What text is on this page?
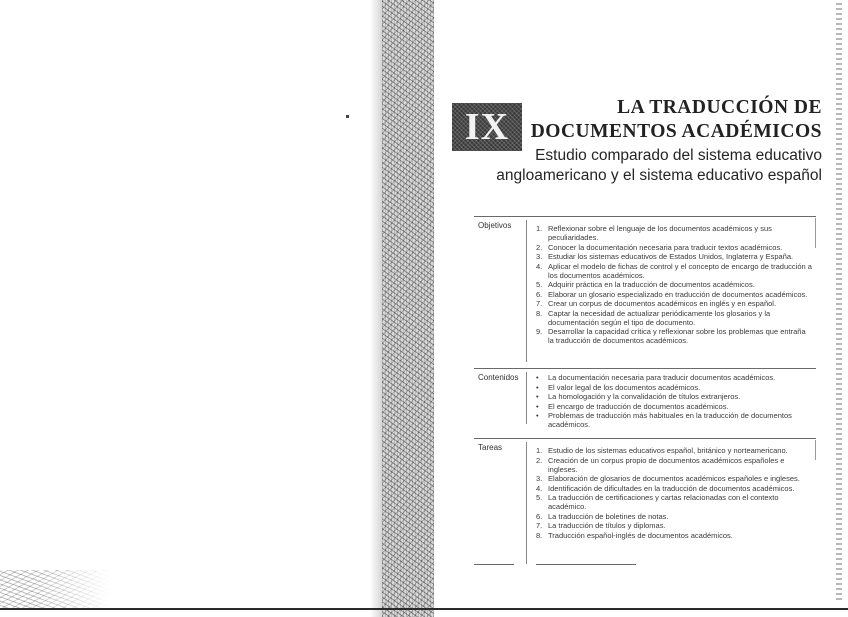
IX	LA TRADUCCIÓN DE
DOCUMENTOS ACADÉMICOS
Estudio comparado del sistema educativo
angloamericano y el sistema educativo español
Objetivos	1. Reflexionar sobre el lenguaje de los documentos académicos y sus peculiaridades.
2. Conocer la documentación necesaria para traducir textos académicos.
3. Estudiar los sistemas educativos de Estados Unidos, Inglaterra y España.
4. Aplicar el modelo de fichas de control y el concepto de encargo de traducción a los documentos académicos.
5. Adquirir práctica en la traducción de documentos académicos.
6. Elaborar un glosario especializado en traducción de documentos académicos.
7. Crear un corpus de documentos académicos en inglés y en español.
8. Captar la necesidad de actualizar periódicamente los glosarios y la documentación según el tipo de documento.
9. Desarrollar la capacidad crítica y reflexionar sobre los problemas que entraña la traducción de documentos académicos.
Contenidos • La documentación necesaria para traducir documentos académicos.
• El valor legal de los documentos académicos.
• La homologación y la convalidación de títulos extranjeros.
• El encargo de traducción de documentos académicos.
• Problemas de traducción más habituales en la traducción de documentos académicos.
Tareas	1. Estudio de los sistemas educativos español, británico y norteamericano.
2. Creación de un corpus propio de documentos académicos españoles e ingleses.
3. Elaboración de glosarios de documentos académicos españoles e ingleses.
4. Identificación de dificultades en la traducción de documentos académicos.
5. La traducción de certificaciones y cartas relacionadas con el contexto académico.
6. La traducción de boletines de notas.
7. La traducción de títulos y diplomas.
8. Traducción español-inglés de documentos académicos.
